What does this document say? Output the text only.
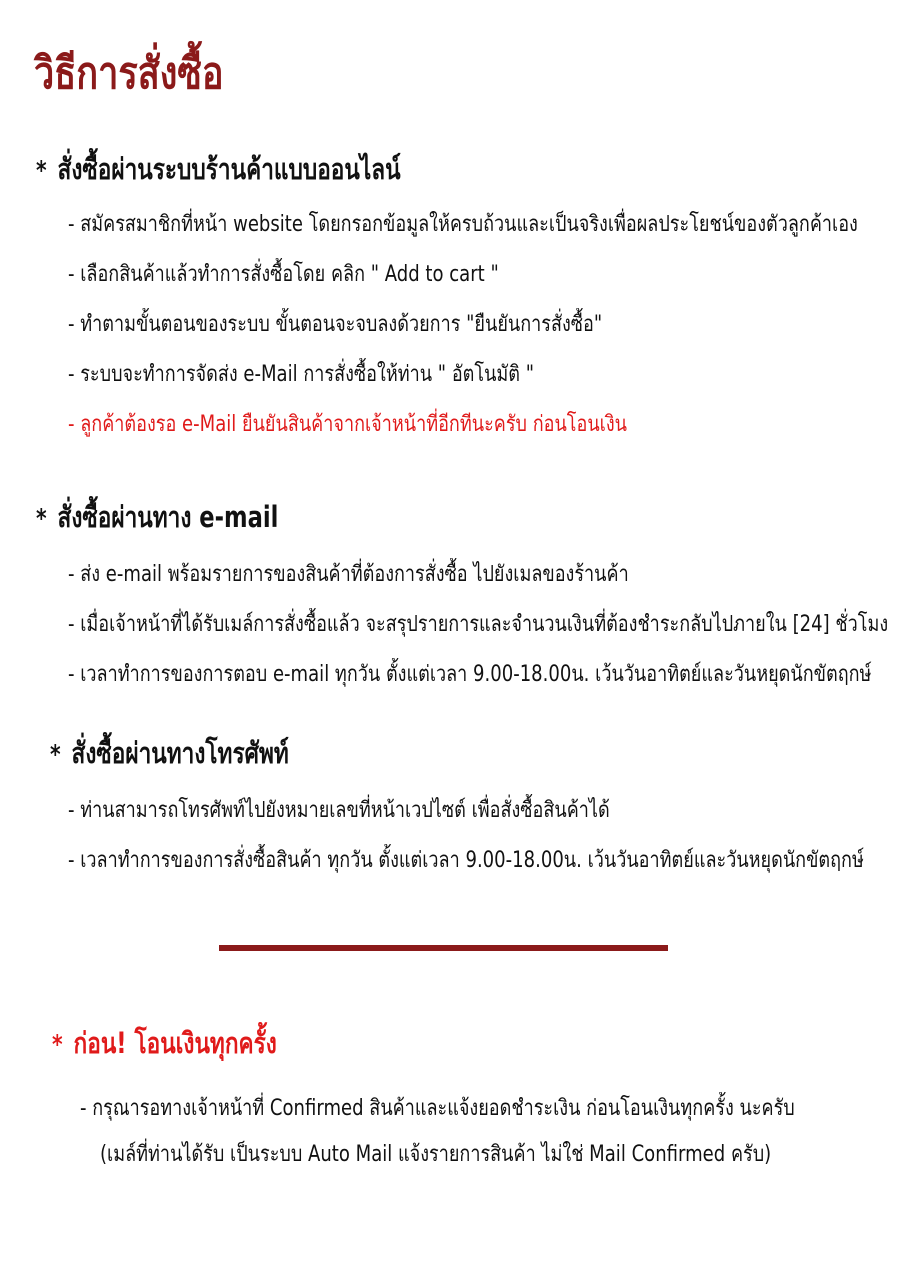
วิธีการสั่งซื้อ
* สั่งซื้อผ่านระบบร้านค้าแบบออนไลน์
- สมัครสมาชิกที่หน้า website โดยกรอกข้อมูลให้ครบถ้วนและเป็นจริงเพื่อผลประโยชน์ของตัวลูกค้าเอง
- เลือกสินค้าแล้วทำการสั่งซื้อโดย คลิก " Add to cart "
- ทำตามขั้นตอนของระบบ ขั้นตอนจะจบลงด้วยการ "ยืนยันการสั่งซื้อ"
- ระบบจะทำการจัดส่ง e-Mail การสั่งซื้อให้ท่าน " อัตโนมัติ "
- ลูกค้าต้องรอ e-Mail ยืนยันสินค้าจากเจ้าหน้าที่อีกทีนะครับ ก่อนโอนเงิน
* สั่งซื้อผ่านทาง e-mail
- ส่ง e-mail พร้อมรายการของสินค้าที่ต้องการสั่งซื้อ ไปยังเมลของร้านค้า
- เมื่อเจ้าหน้าที่ได้รับเมล์การสั่งซื้อแล้ว จะสรุปรายการและจำนวนเงินที่ต้องชำระกลับไปภายใน [24] ชั่วโมง
- เวลาทำการของการตอบ e-mail ทุกวัน ตั้งแต่เวลา 9.00-18.00น. เว้นวันอาทิตย์และวันหยุดนักขัตฤกษ์
* สั่งซื้อผ่านทางโทรศัพท์
- ท่านสามารถโทรศัพท์ไปยังหมายเลขที่หน้าเวปไซต์ เพื่อสั่งซื้อสินค้าได้
- เวลาทำการของการสั่งซื้อสินค้า ทุกวัน ตั้งแต่เวลา 9.00-18.00น. เว้นวันอาทิตย์และวันหยุดนักขัตฤกษ์
* ก่อน! โอนเงินทุกครั้ง
- กรุณารอทางเจ้าหน้าที่ Confirmed สินค้าและแจ้งยอดชำระเงิน ก่อนโอนเงินทุกครั้ง นะครับ
(เมล์ที่ท่านได้รับ เป็นระบบ Auto Mail แจ้งรายการสินค้า ไม่ใช่ Mail Confirmed ครับ)
